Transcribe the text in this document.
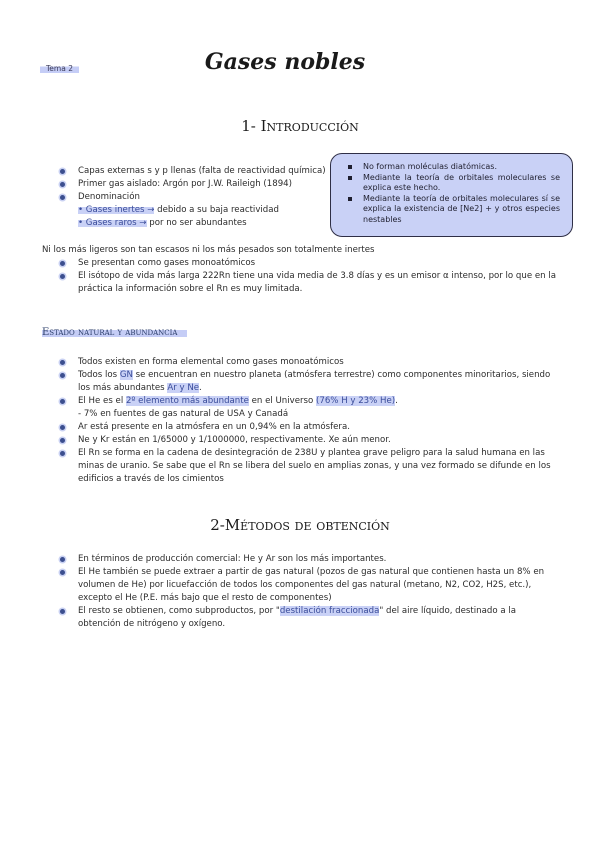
Tema 2	Gases nobles
1- Introducción
Capas externas s y p llenas (falta de reactividad química)
Primer gas aislado: Argón por J.W. Raileigh (1894)
Denominación
• Gases inertes → debido a su baja reactividad
• Gases raros → por no ser abundantes
No forman moléculas diatómicas.
Mediante la teoría de orbitales moleculares se explica este hecho.
Mediante la teoría de orbitales moleculares sí se explica la existencia de [Ne2] + y otros especies nestables
Ni los más ligeros son tan escasos ni los más pesados son totalmente inertes
Se presentan como gases monoatómicos
El isótopo de vida más larga 222Rn tiene una vida media de 3.8 días y es un emisor α intenso, por lo que en la práctica la información sobre el Rn es muy limitada.
Estado natural y abundancia
Todos existen en forma elemental como gases monoatómicos
Todos los GN se encuentran en nuestro planeta (atmósfera terrestre) como componentes minoritarios, siendo los más abundantes Ar y Ne.
El He es el 2º elemento más abundante en el Universo (76% H y 23% He).
- 7% en fuentes de gas natural de USA y Canadá
Ar está presente en la atmósfera en un 0,94% en la atmósfera.
Ne y Kr están en 1/65000 y 1/1000000, respectivamente. Xe aún menor.
El Rn se forma en la cadena de desintegración de 238U y plantea grave peligro para la salud humana en las minas de uranio. Se sabe que el Rn se libera del suelo en amplias zonas, y una vez formado se difunde en los edificios a través de los cimientos
2-Métodos de obtención
En términos de producción comercial: He y Ar son los más importantes.
El He también se puede extraer a partir de gas natural (pozos de gas natural que contienen hasta un 8% en volumen de He) por licuefacción de todos los componentes del gas natural (metano, N2, CO2, H2S, etc.), excepto el He (P.E. más bajo que el resto de componentes)
El resto se obtienen, como subproductos, por "destilación fraccionada" del aire líquido, destinado a la obtención de nitrógeno y oxígeno.
